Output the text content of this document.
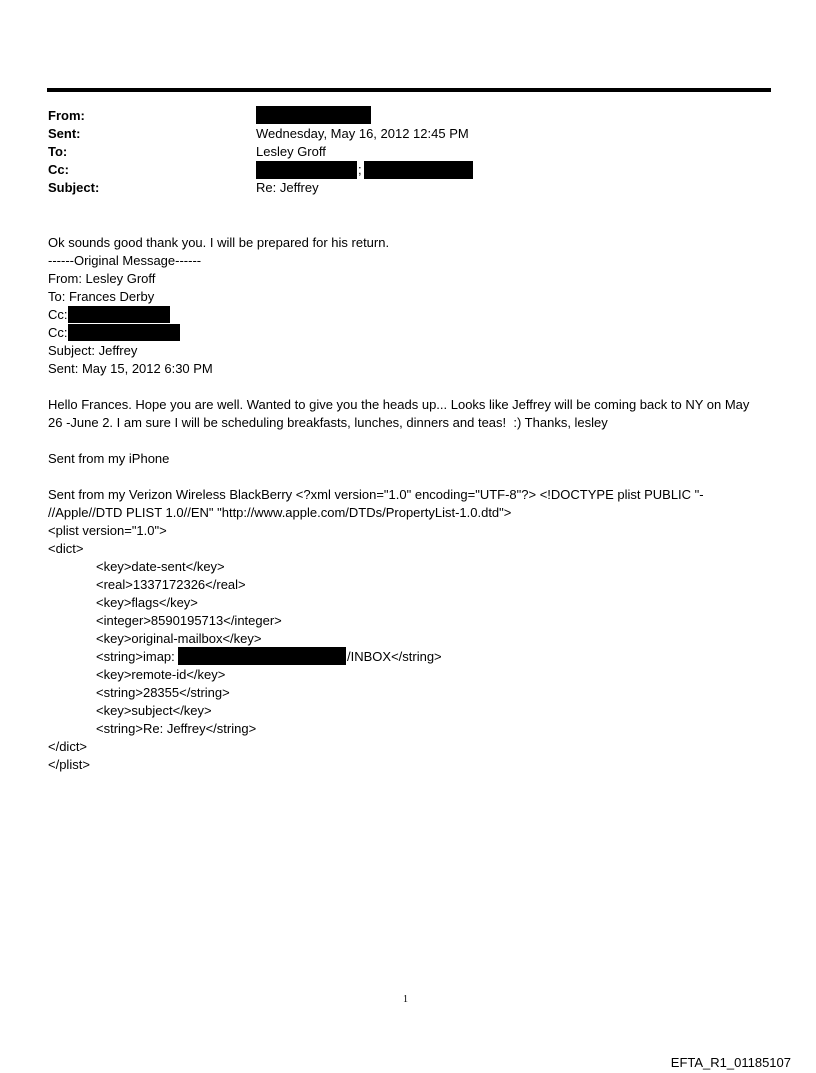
From:
Sent:	Wednesday, May 16, 2012 12:45 PM
To:	Lesley Groff
Cc:	;
Subject:	Re: Jeffrey
Ok sounds good thank you. I will be prepared for his return.
------Original Message------
From: Lesley Groff
To: Frances Derby
Cc:
Cc:
Subject: Jeffrey
Sent: May 15, 2012 6:30 PM
Hello Frances. Hope you are well. Wanted to give you the heads up... Looks like Jeffrey will be coming back to NY on May
26 -June 2. I am sure I will be scheduling breakfasts, lunches, dinners and teas!  :) Thanks, lesley
Sent from my iPhone
Sent from my Verizon Wireless BlackBerry <?xml version="1.0" encoding="UTF-8"?> <!DOCTYPE plist PUBLIC "-
//Apple//DTD PLIST 1.0//EN" "http://www.apple.com/DTDs/PropertyList-1.0.dtd">
<plist version="1.0">
<dict>
<key>date-sent</key>
<real>1337172326</real>
<key>flags</key>
<integer>8590195713</integer>
<key>original-mailbox</key>
<string>imap:	/INBOX</string>
<key>remote-id</key>
<string>28355</string>
<key>subject</key>
<string>Re: Jeffrey</string>
</dict>
</plist>
1
EFTA_R1_01185107
